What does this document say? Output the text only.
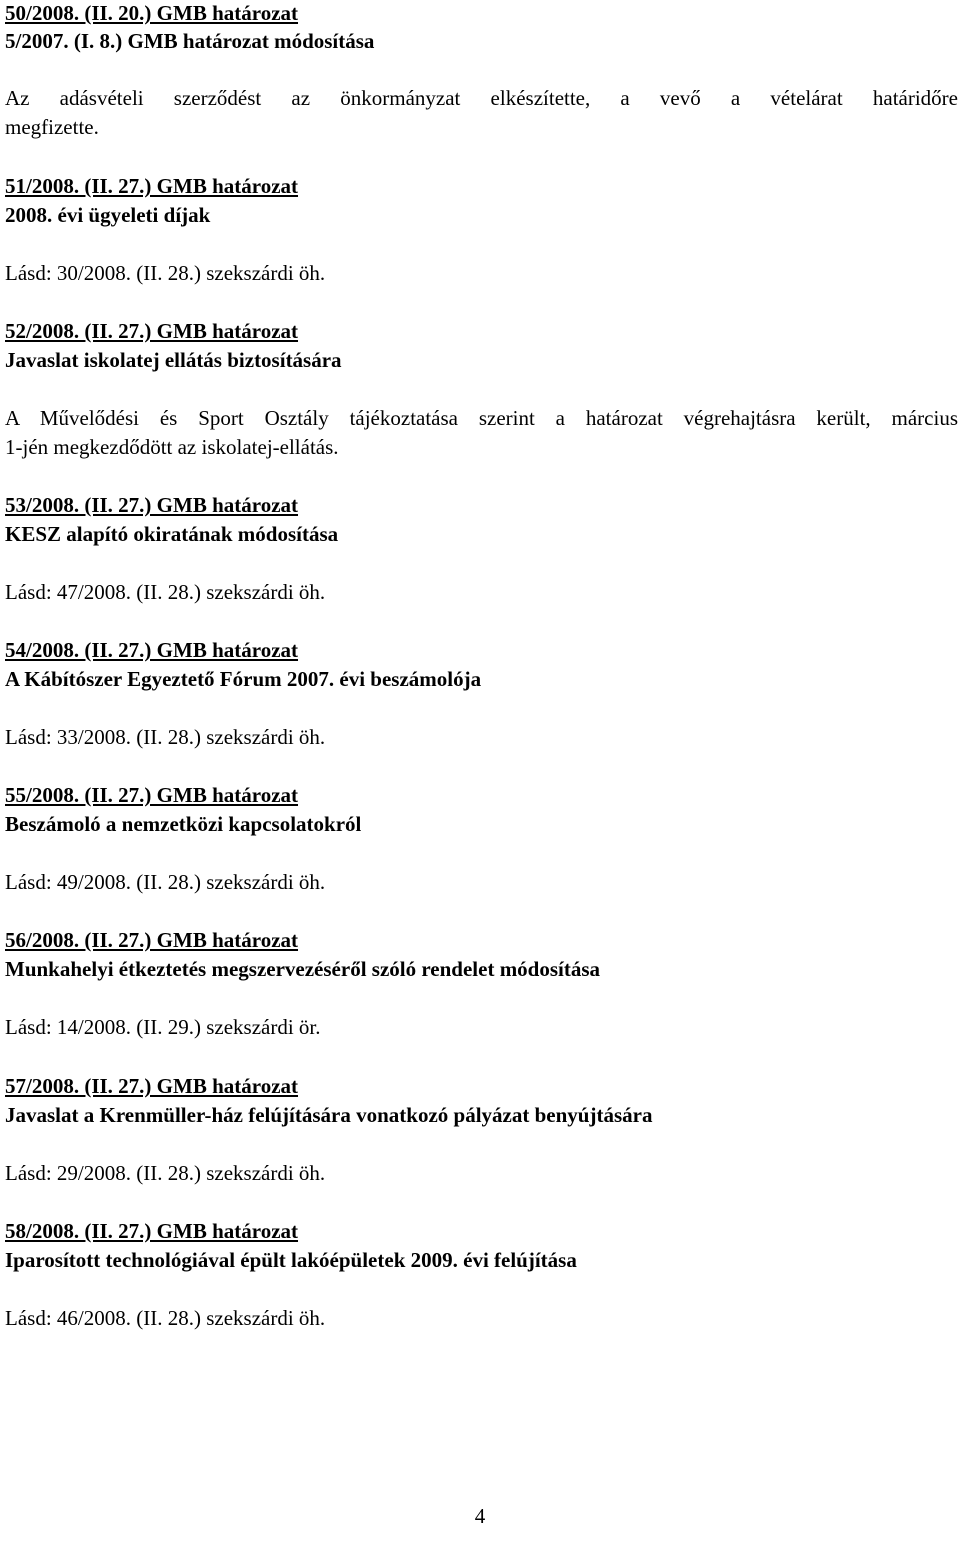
50/2008. (II. 20.) GMB határozat
5/2007. (I. 8.) GMB határozat módosítása
Az adásvételi szerződést az önkormányzat elkészítette, a vevő a vételárat határidőre
megfizette.
51/2008. (II. 27.) GMB határozat
2008. évi ügyeleti díjak
Lásd: 30/2008. (II. 28.) szekszárdi öh.
52/2008. (II. 27.) GMB határozat
Javaslat iskolatej ellátás biztosítására
A Művelődési és Sport Osztály tájékoztatása szerint a határozat végrehajtásra került, március
1-jén megkezdődött az iskolatej-ellátás.
53/2008. (II. 27.) GMB határozat
KESZ alapító okiratának módosítása
Lásd: 47/2008. (II. 28.) szekszárdi öh.
54/2008. (II. 27.) GMB határozat
A Kábítószer Egyeztető Fórum 2007. évi beszámolója
Lásd: 33/2008. (II. 28.) szekszárdi öh.
55/2008. (II. 27.) GMB határozat
Beszámoló a nemzetközi kapcsolatokról
Lásd: 49/2008. (II. 28.) szekszárdi öh.
56/2008. (II. 27.) GMB határozat
Munkahelyi étkeztetés megszervezéséről szóló rendelet módosítása
Lásd: 14/2008. (II. 29.) szekszárdi ör.
57/2008. (II. 27.) GMB határozat
Javaslat a Krenmüller-ház felújítására vonatkozó pályázat benyújtására
Lásd: 29/2008. (II. 28.) szekszárdi öh.
58/2008. (II. 27.) GMB határozat
Iparosított technológiával épült lakóépületek 2009. évi felújítása
Lásd: 46/2008. (II. 28.) szekszárdi öh.
4
